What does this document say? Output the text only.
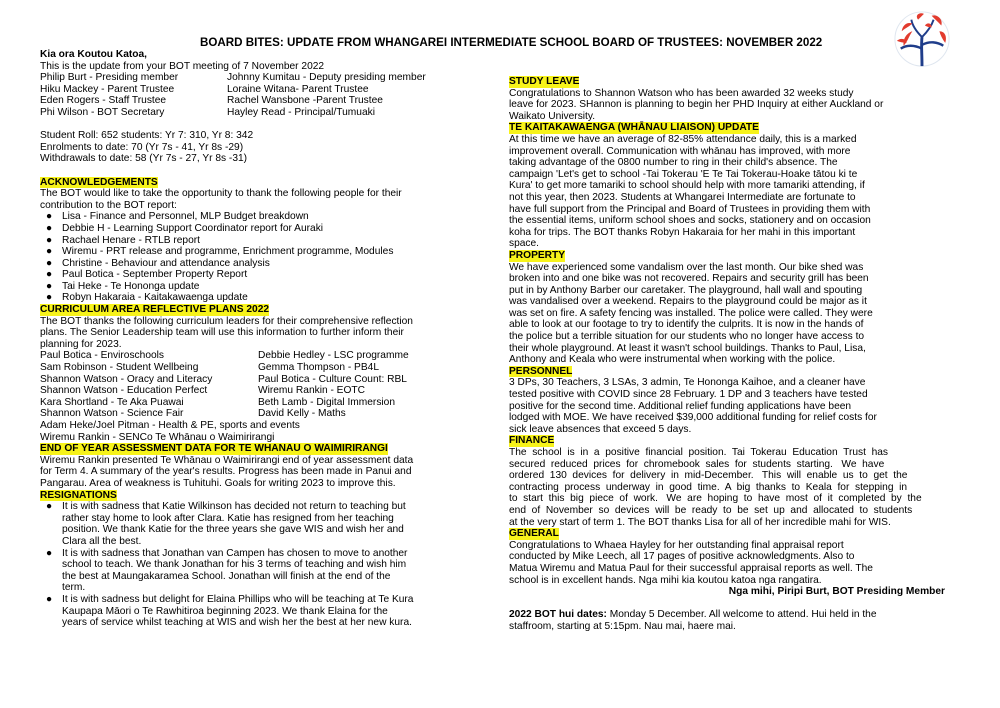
BOARD BITES: UPDATE FROM WHANGAREI INTERMEDIATE SCHOOL BOARD OF TRUSTEES: NOVEMBER 2022
Kia ora Koutou Katoa,
This is the update from your BOT meeting of 7 November 2022
Philip Burt - Presiding member	Johnny Kumitau - Deputy presiding member
Hiku Mackey - Parent Trustee	Loraine Witana- Parent Trustee
Eden Rogers - Staff Trustee	Rachel Wansbone -Parent Trustee
Phi Wilson - BOT Secretary	Hayley Read - Principal/Tumuaki
Student Roll: 652 students: Yr 7: 310, Yr 8: 342
Enrolments to date: 70 (Yr 7s - 41, Yr 8s -29)
Withdrawals to date: 58 (Yr 7s - 27, Yr 8s -31)
ACKNOWLEDGEMENTS
The BOT would like to take the opportunity to thank the following people for their
contribution to the BOT report:
● Lisa - Finance and Personnel, MLP Budget breakdown
● Debbie H - Learning Support Coordinator report for Auraki
● Rachael Henare - RTLB report
● Wiremu - PRT release and programme, Enrichment programme, Modules
● Christine - Behaviour and attendance analysis
● Paul Botica - September Property Report
● Tai Heke - Te Hononga update
● Robyn Hakaraia - Kaitakawaenga update
CURRICULUM AREA REFLECTIVE PLANS 2022
The BOT thanks the following curriculum leaders for their comprehensive reflection
plans. The Senior Leadership team will use this information to further inform their
planning for 2023.
Paul Botica - Enviroschools	Debbie Hedley - LSC programme
Sam Robinson - Student Wellbeing	Gemma Thompson - PB4L
Shannon Watson - Oracy and Literacy	Paul Botica - Culture Count: RBL
Shannon Watson - Education Perfect	Wiremu Rankin - EOTC
Kara Shortland - Te Aka Puawai	Beth Lamb - Digital Immersion
Shannon Watson - Science Fair	David Kelly - Maths
Adam Heke/Joel Pitman - Health & PE, sports and events
Wiremu Rankin - SENCo Te Whānau o Waimirirangi
END OF YEAR ASSESSMENT DATA FOR TE WHANAU O WAIMIRIRANGI
Wiremu Rankin presented Te Whānau o Waimirirangi end of year assessment data
for Term 4. A summary of the year's results. Progress has been made in Panui and
Pangarau. Area of weakness is Tuhituhi. Goals for writing 2023 to improve this.
RESIGNATIONS
● It is with sadness that Katie Wilkinson has decided not return to teaching but
rather stay home to look after Clara. Katie has resigned from her teaching
position. We thank Katie for the three years she gave WIS and wish her and
Clara all the best.
● It is with sadness that Jonathan van Campen has chosen to move to another
school to teach. We thank Jonathan for his 3 terms of teaching and wish him
the best at Maungakaramea School. Jonathan will finish at the end of the
term.
● It is with sadness but delight for Elaina Phillips who will be teaching at Te Kura
Kaupapa Māori o Te Rawhitiroa beginning 2023. We thank Elaina for the
years of service whilst teaching at WIS and wish her the best at her new kura.
STUDY LEAVE
Congratulations to Shannon Watson who has been awarded 32 weeks study
leave for 2023. SHannon is planning to begin her PHD Inquiry at either Auckland or
Waikato University.
TE KAITAKAWAENGA (WHĀNAU LIAISON) UPDATE
At this time we have an average of 82-85% attendance daily, this is a marked
improvement overall. Communication with whānau has improved, with more
taking advantage of the 0800 number to ring in their child's absence. The
campaign 'Let's get to school -Tai Tokerau 'E Te Tai Tokerau-Hoake tātou ki te
Kura' to get more tamariki to school should help with more tamariki attending, if
not this year, then 2023. Students at Whangarei Intermediate are fortunate to
have full support from the Principal and Board of Trustees in providing them with
the essential items, uniform school shoes and socks, stationery and on occasion
koha for trips. The BOT thanks Robyn Hakaraia for her mahi in this important
space.
PROPERTY
We have experienced some vandalism over the last month. Our bike shed was
broken into and one bike was not recovered. Repairs and security grill has been
put in by Anthony Barber our caretaker. The playground, hall wall and spouting
was vandalised over a weekend. Repairs to the playground could be major as it
was set on fire. A safety fencing was installed. The police were called. They were
able to look at our footage to try to identify the culprits. It is now in the hands of
the police but a terrible situation for our students who no longer have access to
their whole playground. At least it wasn't school buildings. Thanks to Paul, Lisa,
Anthony and Keala who were instrumental when working with the police.
PERSONNEL
3 DPs, 30 Teachers, 3 LSAs, 3 admin, Te Hononga Kaihoe, and a cleaner have
tested positive with COVID since 28 February. 1 DP and 3 teachers have tested
positive for the second time. Additional relief funding applications have been
lodged with MOE. We have received $39,000 additional funding for relief costs for
sick leave absences that exceed 5 days.
FINANCE
The  school  is  in  a  positive  financial  position.  Tai  Tokerau  Education  Trust  has
secured  reduced  prices  for  chromebook  sales  for  students  starting.   We  have
ordered  130  devices  for  delivery  in  mid-December.   This  will  enable  us  to  get  the
contracting  process  underway  in  good  time.  A  big  thanks  to  Keala  for  stepping  in
to  start  this  big  piece  of  work.   We  are  hoping  to  have  most  of  it  completed  by  the
end  of  November  so  devices  will  be  ready  to  be  set  up  and  allocated  to  students
at the very start of term 1. The BOT thanks Lisa for all of her incredible mahi for WIS.
GENERAL
Congratulations to Whaea Hayley for her outstanding final appraisal report
conducted by Mike Leech, all 17 pages of positive acknowledgments. Also to
Matua Wiremu and Matua Paul for their successful appraisal reports as well. The
school is in excellent hands. Nga mihi kia koutou katoa nga rangatira.
Nga mihi, Piripi Burt, BOT Presiding Member
2022 BOT hui dates: Monday 5 December. All welcome to attend. Hui held in the
staffroom, starting at 5:15pm. Nau mai, haere mai.
